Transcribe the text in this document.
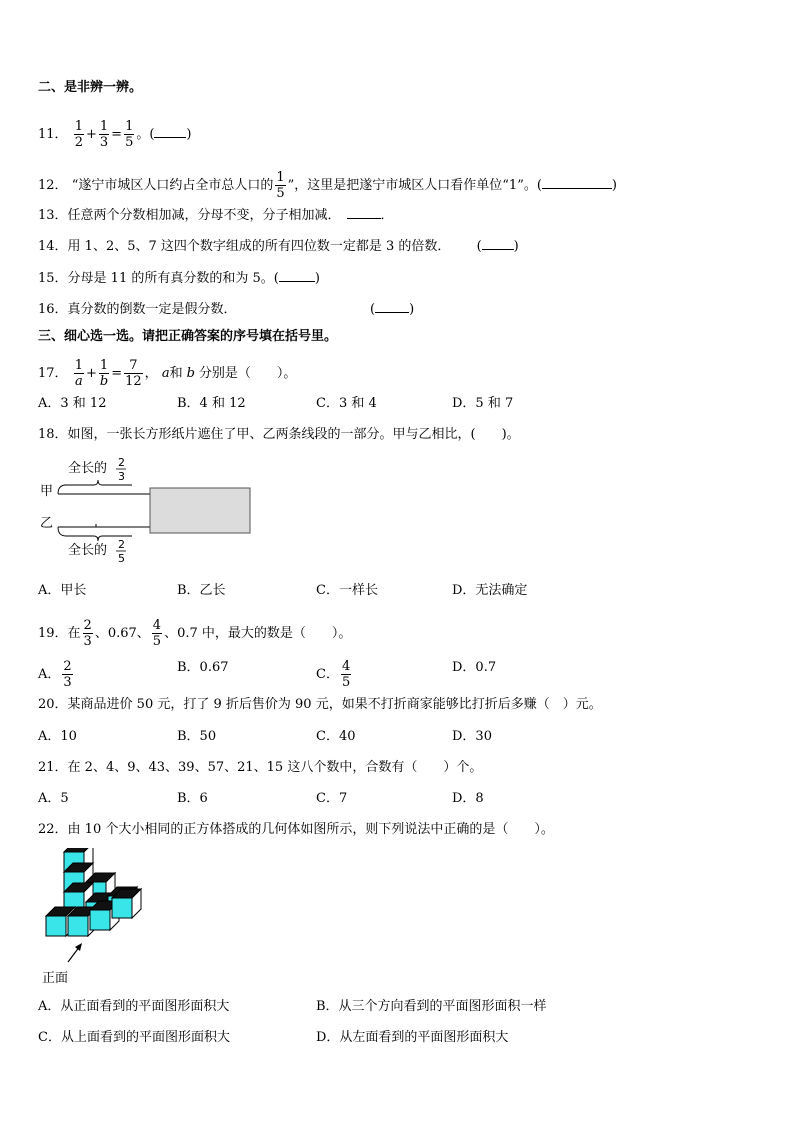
二、是非辨一辨。
11． $\frac{1}{2} + \frac{1}{3} = \frac{1}{5}$ 。( )
12． “遂宁市城区人口约占全市总人口的 $\frac{1}{5}$ ”，这里是把遂宁市城区人口看作单位“1”。(	)
13．任意两个分数相加减，分母不变，分子相加减．	．
14．用 1、2、5、7 这四个数字组成的所有四位数一定都是 3 的倍数． ( )
15．分母是 11 的所有真分数的和为 5。(	)
16．真分数的倒数一定是假分数．	(	)
三、细心选一选。请把正确答案的序号填在括号里。
17． $\frac{1}{a} + \frac{1}{b} = \frac{7}{12}$ ， a和 b 分别是（　　）。
A．3 和 12	B．4 和 12	C．3 和 4	D．5 和 7
18．如图，一张长方形纸片遮住了甲、乙两条线段的一部分。甲与乙相比，(　　)。
全长的 2
3
甲
乙
全长的 2
5
A．甲长	B．乙长	C．一样长	D．无法确定
19．在 $\frac{2}{3}$ 、0.67、 $\frac{4}{5}$ 、0.7 中，最大的数是（　　）。
A． $\frac{2}{3}$	B．0.67	C． $\frac{4}{5}$	D．0.7
20．某商品进价 50 元，打了 9 折后售价为 90 元，如果不打折商家能够比打折后多赚（　）元。
A．10	B．50	C．40	D．30
21．在 2、4、9、43、39、57、21、15 这八个数中，合数有（　　）个。
A．5	B．6	C．7	D．8
22．由 10 个大小相同的正方体搭成的几何体如图所示，则下列说法中正确的是（　　）。
正面
A．从正面看到的平面图形面积大	B．从三个方向看到的平面图形面积一样
C．从上面看到的平面图形面积大	D．从左面看到的平面图形面积大
